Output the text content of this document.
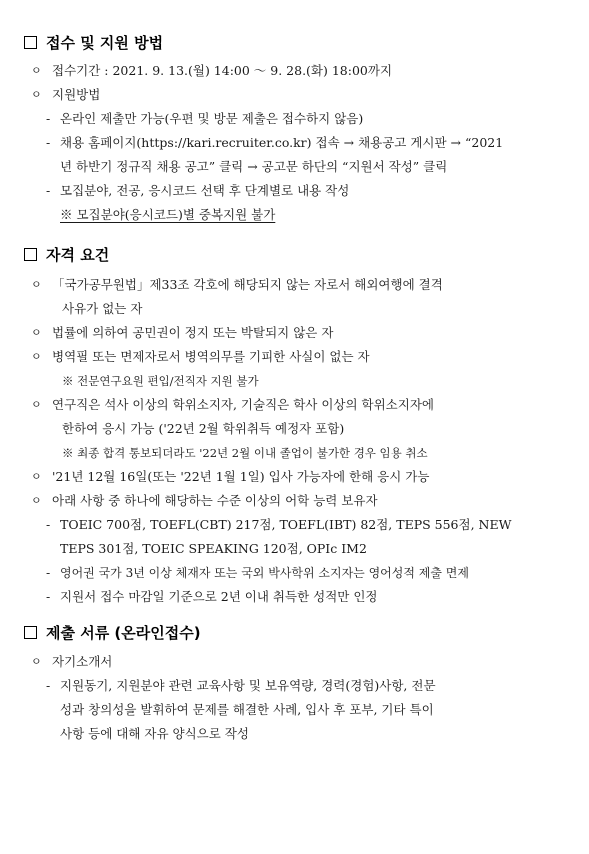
접수 및 지원 방법
ㅇ 접수기간 : 2021. 9. 13.(월) 14:00 ～ 9. 28.(화) 18:00까지
ㅇ 지원방법
- 온라인 제출만 가능(우편 및 방문 제출은 접수하지 않음)
- 채용 홈페이지(https://kari.recruiter.co.kr) 접속 → 채용공고 게시판 → “2021
년 하반기 정규직 채용 공고” 클릭 → 공고문 하단의 “지원서 작성” 클릭
- 모집분야, 전공, 응시코드 선택 후 단계별로 내용 작성
※ 모집분야(응시코드)별 중복지원 불가
자격 요건
ㅇ 「국가공무원법」제33조 각호에 해당되지 않는 자로서 해외여행에 결격
사유가 없는 자
ㅇ 법률에 의하여 공민권이 정지 또는 박탈되지 않은 자
ㅇ 병역필 또는 면제자로서 병역의무를 기피한 사실이 없는 자
※ 전문연구요원 편입/전직자 지원 불가
ㅇ 연구직은 석사 이상의 학위소지자, 기술직은 학사 이상의 학위소지자에
한하여 응시 가능 ('22년 2월 학위취득 예정자 포함)
※ 최종 합격 통보되더라도 '22년 2월 이내 졸업이 불가한 경우 임용 취소
ㅇ '21년 12월 16일(또는 '22년 1월 1일) 입사 가능자에 한해 응시 가능
ㅇ 아래 사항 중 하나에 해당하는 수준 이상의 어학 능력 보유자
- TOEIC 700점, TOEFL(CBT) 217점, TOEFL(IBT) 82점, TEPS 556점, NEW
TEPS 301점, TOEIC SPEAKING 120점, OPIc IM2
- 영어권 국가 3년 이상 체재자 또는 국외 박사학위 소지자는 영어성적 제출 면제
- 지원서 접수 마감일 기준으로 2년 이내 취득한 성적만 인정
제출 서류 (온라인접수)
ㅇ 자기소개서
- 지원동기, 지원분야 관련 교육사항 및 보유역량, 경력(경험)사항, 전문
성과 창의성을 발휘하여 문제를 해결한 사례, 입사 후 포부, 기타 특이
사항 등에 대해 자유 양식으로 작성
